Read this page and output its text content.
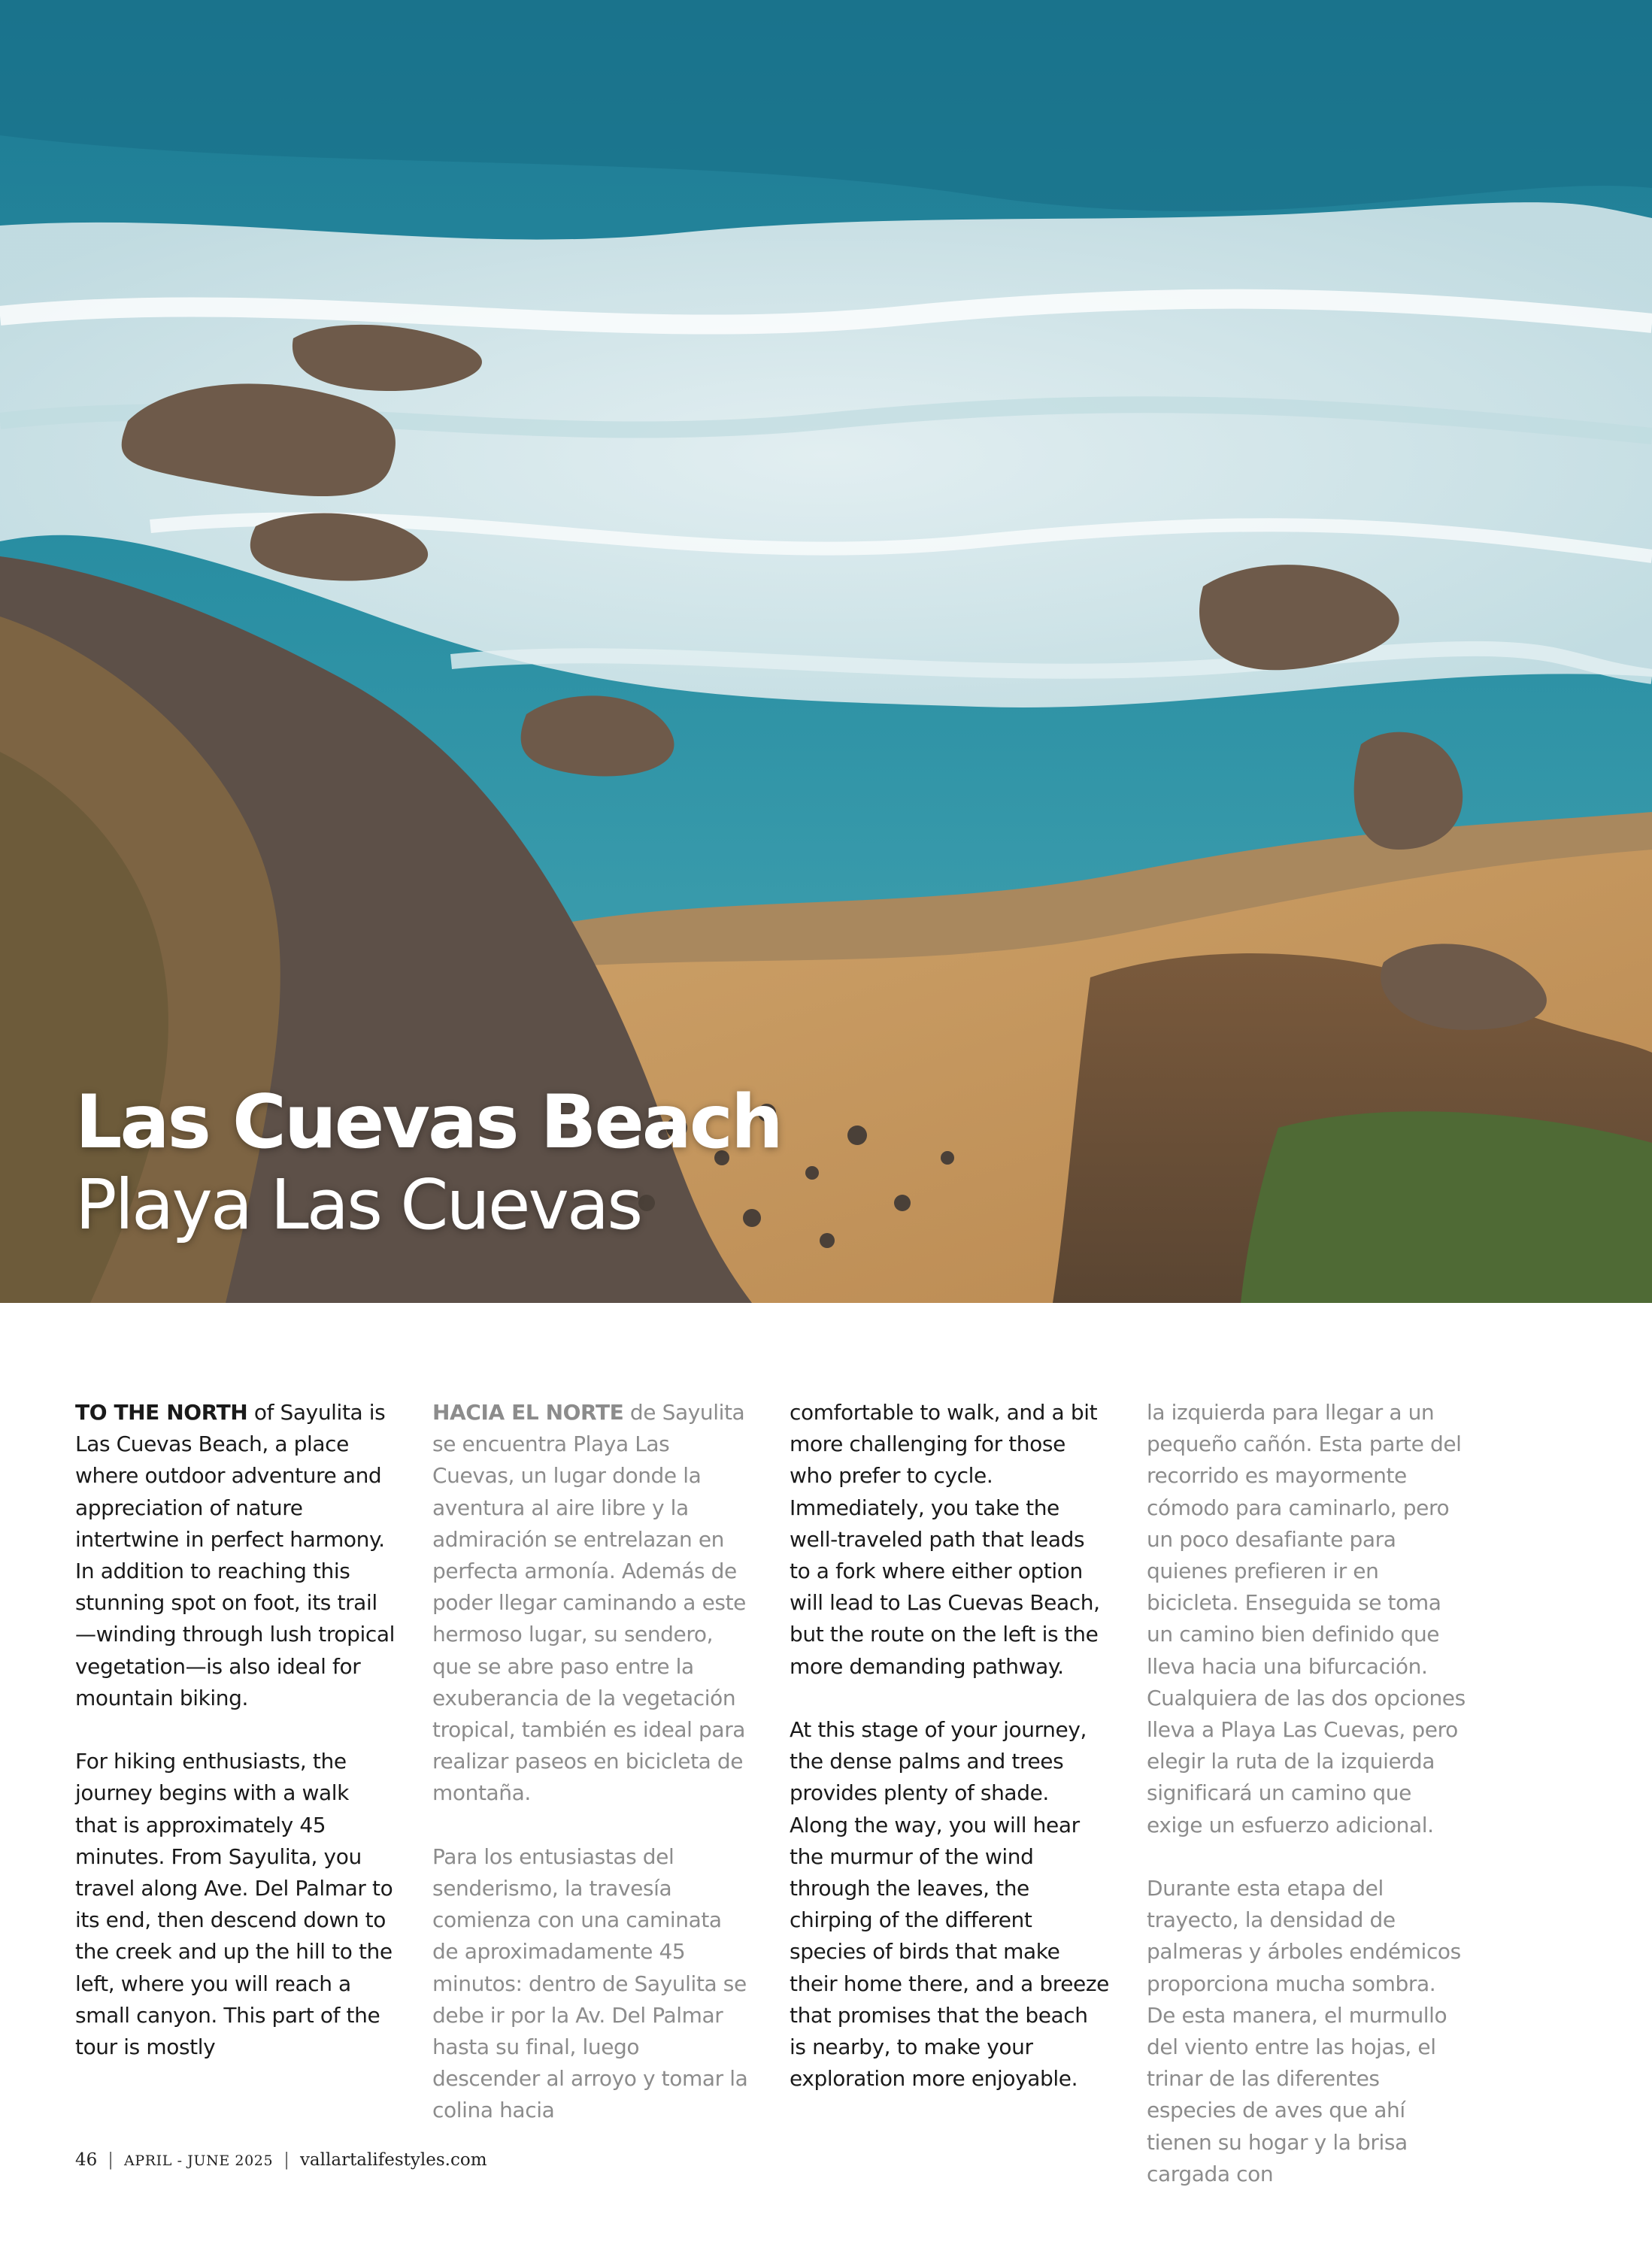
Las Cuevas Beach
Playa Las Cuevas

TO THE NORTH of Sayulita is Las Cuevas Beach, a place where outdoor adventure and appreciation of nature intertwine in perfect harmony. In addition to reaching this stunning spot on foot, its trail—winding through lush tropical vegetation—is also ideal for mountain biking.

For hiking enthusiasts, the journey begins with a walk that is approximately 45 minutes. From Sayulita, you travel along Ave. Del Palmar to its end, then descend down to the creek and up the hill to the left, where you will reach a small canyon. This part of the tour is mostly

HACIA EL NORTE de Sayulita se encuentra Playa Las Cuevas, un lugar donde la aventura al aire libre y la admiración se entrelazan en perfecta armonía. Además de poder llegar caminando a este hermoso lugar, su sendero, que se abre paso entre la exuberancia de la vegetación tropical, también es ideal para realizar paseos en bicicleta de montaña.

Para los entusiastas del senderismo, la travesía comienza con una caminata de aproximadamente 45 minutos: dentro de Sayulita se debe ir por la Av. Del Palmar hasta su final, luego descender al arroyo y tomar la colina hacia

comfortable to walk, and a bit more challenging for those who prefer to cycle. Immediately, you take the well-traveled path that leads to a fork where either option will lead to Las Cuevas Beach, but the route on the left is the more demanding pathway.

At this stage of your journey, the dense palms and trees provides plenty of shade. Along the way, you will hear the murmur of the wind through the leaves, the chirping of the different species of birds that make their home there, and a breeze that promises that the beach is nearby, to make your exploration more enjoyable.

la izquierda para llegar a un pequeño cañón. Esta parte del recorrido es mayormente cómodo para caminarlo, pero un poco desafiante para quienes prefieren ir en bicicleta. Enseguida se toma un camino bien definido que lleva hacia una bifurcación. Cualquiera de las dos opciones lleva a Playa Las Cuevas, pero elegir la ruta de la izquierda significará un camino que exige un esfuerzo adicional.

Durante esta etapa del trayecto, la densidad de palmeras y árboles endémicos proporciona mucha sombra. De esta manera, el murmullo del viento entre las hojas, el trinar de las diferentes especies de aves que ahí tienen su hogar y la brisa cargada con

46 | APRIL - JUNE 2025 | vallartalifestyles.com
